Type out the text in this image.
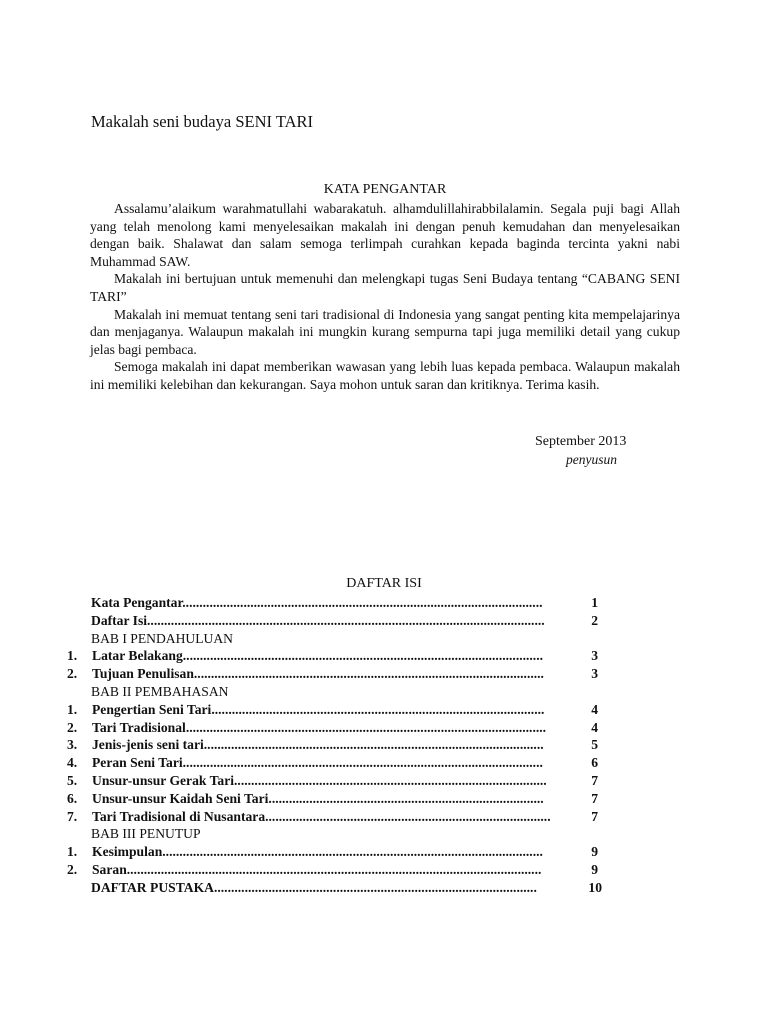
Makalah seni budaya SENI TARI
KATA PENGANTAR

Assalamu’alaikum warahmatullahi wabarakatuh. alhamdulillahirabbilalamin. Segala puji bagi Allah yang telah menolong kami menyelesaikan makalah ini dengan penuh kemudahan dan menyelesaikan dengan baik. Shalawat dan salam semoga terlimpah curahkan kepada baginda tercinta yakni nabi Muhammad SAW.

Makalah ini bertujuan untuk memenuhi dan melengkapi tugas Seni Budaya tentang “CABANG SENI TARI”

Makalah ini memuat tentang seni tari tradisional di Indonesia yang sangat penting kita mempelajarinya dan menjaganya. Walaupun makalah ini mungkin kurang sempurna tapi juga memiliki detail yang cukup jelas bagi pembaca.

Semoga makalah ini dapat memberikan wawasan yang lebih luas kepada pembaca. Walaupun makalah ini memiliki kelebihan dan kekurangan. Saya mohon untuk saran dan kritiknya. Terima kasih.

September 2013
penyusun
DAFTAR ISI
Kata Pengantar..........................................................................................................	1
Daftar Isi.....................................................................................................................	2
BAB I PENDAHULUAN
1. Latar Belakang..........................................................................................................	3
2. Tujuan Penulisan.......................................................................................................	3
BAB II PEMBAHASAN
1. Pengertian Seni Tari..................................................................................................	4
2. Tari Tradisional..........................................................................................................	4
3. Jenis-jenis seni tari....................................................................................................	5
4. Peran Seni Tari..........................................................................................................	6
5. Unsur-unsur Gerak Tari............................................................................................	7
6. Unsur-unsur Kaidah Seni Tari.................................................................................	7
7. Tari Tradisional di Nusantara....................................................................................	7
BAB III PENUTUP
1. Kesimpulan................................................................................................................	9
2. Saran..........................................................................................................................	9
DAFTAR PUSTAKA...............................................................................................	10
